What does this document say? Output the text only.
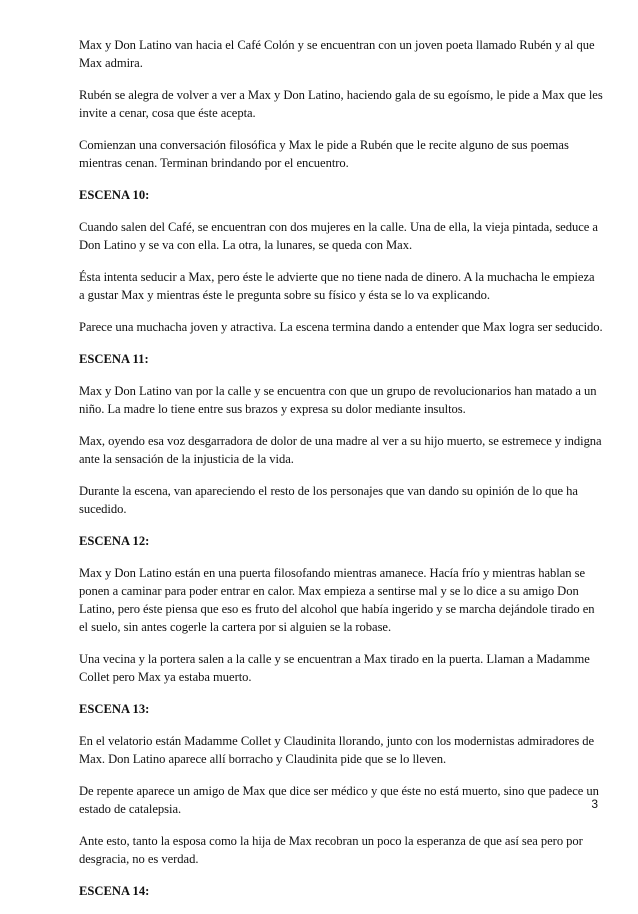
Max y Don Latino van hacia el Café Colón y se encuentran con un joven poeta llamado Rubén y al que Max admira.

Rubén se alegra de volver a ver a Max y Don Latino, haciendo gala de su egoísmo, le pide a Max que les invite a cenar, cosa que éste acepta.

Comienzan una conversación filosófica y Max le pide a Rubén que le recite alguno de sus poemas mientras cenan. Terminan brindando por el encuentro.

ESCENA 10:

Cuando salen del Café, se encuentran con dos mujeres en la calle. Una de ella, la vieja pintada, seduce a Don Latino y se va con ella. La otra, la lunares, se queda con Max.

Ésta intenta seducir a Max, pero éste le advierte que no tiene nada de dinero. A la muchacha le empieza a gustar Max y mientras éste le pregunta sobre su físico y ésta se lo va explicando.

Parece una muchacha joven y atractiva. La escena termina dando a entender que Max logra ser seducido.

ESCENA 11:

Max y Don Latino van por la calle y se encuentra con que un grupo de revolucionarios han matado a un niño. La madre lo tiene entre sus brazos y expresa su dolor mediante insultos.

Max, oyendo esa voz desgarradora de dolor de una madre al ver a su hijo muerto, se estremece y indigna ante la sensación de la injusticia de la vida.

Durante la escena, van apareciendo el resto de los personajes que van dando su opinión de lo que ha sucedido.

ESCENA 12:

Max y Don Latino están en una puerta filosofando mientras amanece. Hacía frío y mientras hablan se ponen a caminar para poder entrar en calor. Max empieza a sentirse mal y se lo dice a su amigo Don Latino, pero éste piensa que eso es fruto del alcohol que había ingerido y se marcha dejándole tirado en el suelo, sin antes cogerle la cartera por si alguien se la robase.

Una vecina y la portera salen a la calle y se encuentran a Max tirado en la puerta. Llaman a Madamme Collet pero Max ya estaba muerto.

ESCENA 13:

En el velatorio están Madamme Collet y Claudinita llorando, junto con los modernistas admiradores de Max. Don Latino aparece allí borracho y Claudinita pide que se lo lleven.

De repente aparece un amigo de Max que dice ser médico y que éste no está muerto, sino que padece un estado de catalepsia.

Ante esto, tanto la esposa como la hija de Max recobran un poco la esperanza de que así sea pero por desgracia, no es verdad.

ESCENA 14:

3
